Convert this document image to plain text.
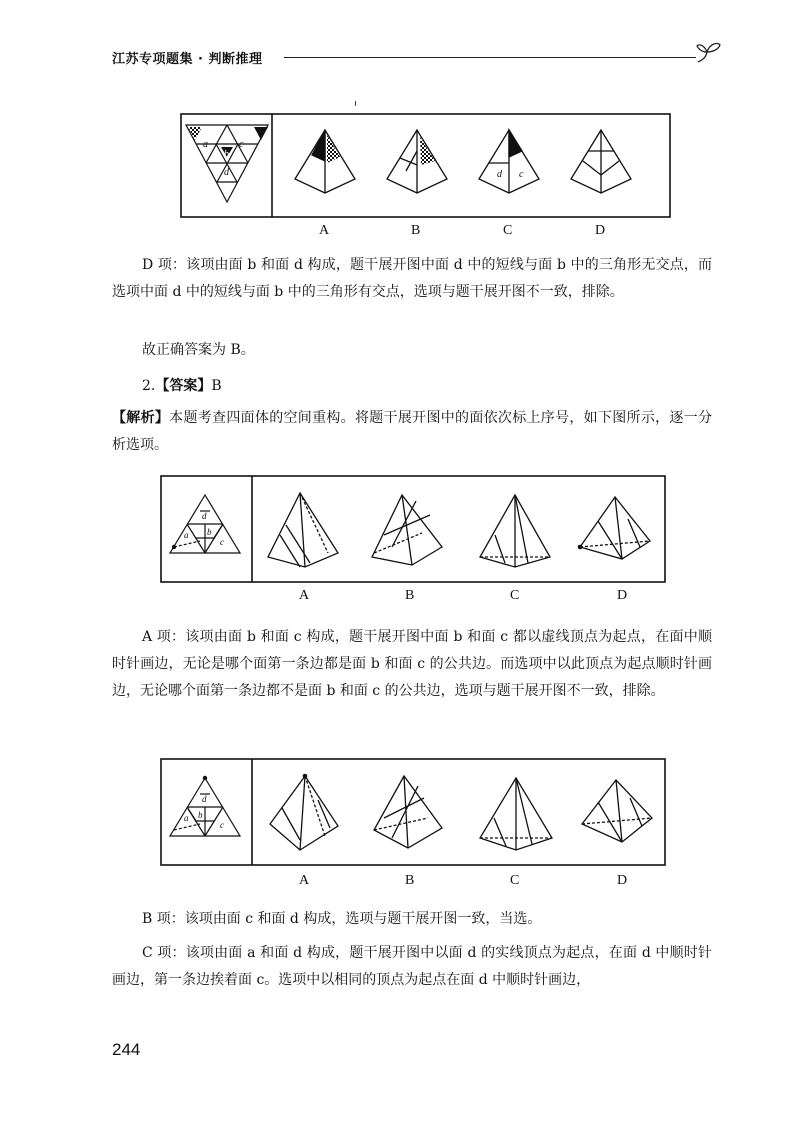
江苏专项题集 · 判断推理
a
b
c
d	d c
A	B	C	D
D 项：该项由面 b 和面 d 构成，题干展开图中面 d 中的短线与面 b 中的三角形无交点，而选项中面 d 中的短线与面 b 中的三角形有交点，选项与题干展开图不一致，排除。
故正确答案为 B。
2.【答案】B
【解析】本题考查四面体的空间重构。将题干展开图中的面依次标上序号，如下图所示，逐一分析选项。
a b
c
d
A	B	C	D
A 项：该项由面 b 和面 c 构成，题干展开图中面 b 和面 c 都以虚线顶点为起点，在面中顺时针画边，无论是哪个面第一条边都是面 b 和面 c 的公共边。而选项中以此顶点为起点顺时针画边，无论哪个面第一条边都不是面 b 和面 c 的公共边，选项与题干展开图不一致，排除。
a b
c
d
A	B	C	D
B 项：该项由面 c 和面 d 构成，选项与题干展开图一致，当选。
C 项：该项由面 a 和面 d 构成，题干展开图中以面 d 的实线顶点为起点，在面 d 中顺时针画边，第一条边挨着面 c。选项中以相同的顶点为起点在面 d 中顺时针画边，
244
